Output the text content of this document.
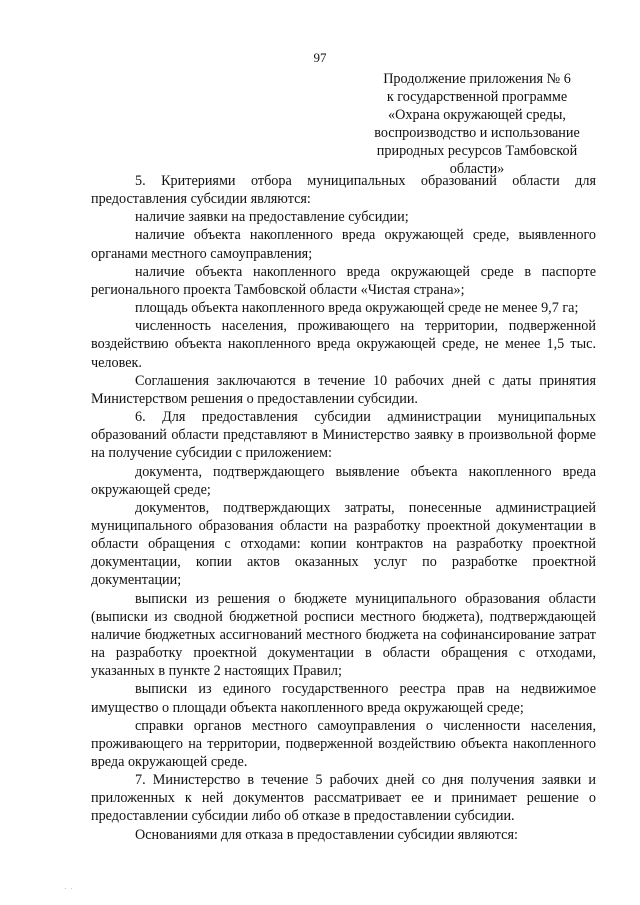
97
Продолжение приложения № 6
к государственной программе
«Охрана окружающей среды,
воспроизводство и использование
природных ресурсов Тамбовской
области»

5. Критериями отбора муниципальных образований области для предоставления субсидии являются:

наличие заявки на предоставление субсидии;

наличие объекта накопленного вреда окружающей среде, выявленного органами местного самоуправления;

наличие объекта накопленного вреда окружающей среде в паспорте регионального проекта Тамбовской области «Чистая страна»;

площадь объекта накопленного вреда окружающей среде не менее 9,7 га;

численность населения, проживающего на территории, подверженной воздействию объекта накопленного вреда окружающей среде, не менее 1,5 тыс. человек.

Соглашения заключаются в течение 10 рабочих дней с даты принятия Министерством решения о предоставлении субсидии.

6. Для предоставления субсидии администрации муниципальных образований области представляют в Министерство заявку в произвольной форме на получение субсидии с приложением:

документа, подтверждающего выявление объекта накопленного вреда окружающей среде;

документов, подтверждающих затраты, понесенные администрацией муниципального образования области на разработку проектной документации в области обращения с отходами: копии контрактов на разработку проектной документации, копии актов оказанных услуг по разработке проектной документации;

выписки из решения о бюджете муниципального образования области (выписки из сводной бюджетной росписи местного бюджета), подтверждающей наличие бюджетных ассигнований местного бюджета на софинансирование затрат на разработку проектной документации в области обращения с отходами, указанных в пункте 2 настоящих Правил;

выписки из единого государственного реестра прав на недвижимое имущество о площади объекта накопленного вреда окружающей среде;

справки органов местного самоуправления о численности населения, проживающего на территории, подверженной воздействию объекта накопленного вреда окружающей среде.

7. Министерство в течение 5 рабочих дней со дня получения заявки и приложенных к ней документов рассматривает ее и принимает решение о предоставлении субсидии либо об отказе в предоставлении субсидии.

Основаниями для отказа в предоставлении субсидии являются:

· ·
